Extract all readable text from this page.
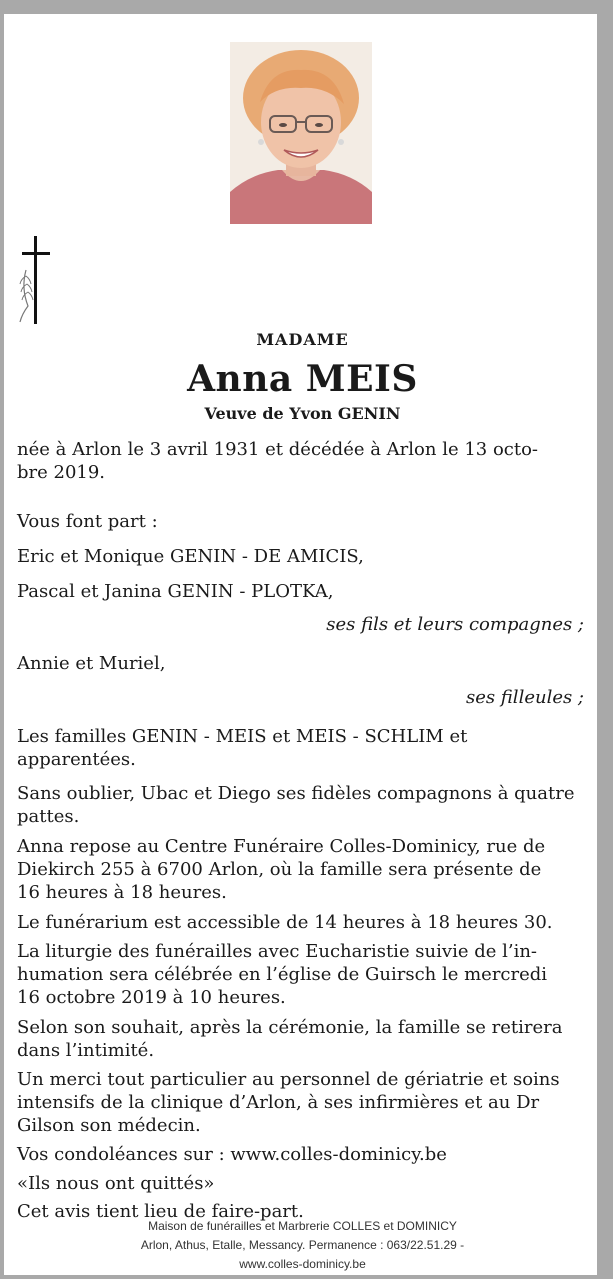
MADAME
Anna MEIS
Veuve de Yvon GENIN

née à Arlon le 3 avril 1931 et décédée à Arlon le 13 octo-
bre 2019.

Vous font part :

Eric et Monique GENIN - DE AMICIS,

Pascal et Janina GENIN - PLOTKA,

ses fils et leurs compagnes ;

Annie et Muriel,

ses filleules ;

Les familles GENIN - MEIS et MEIS - SCHLIM et
apparentées.

Sans oublier, Ubac et Diego ses fidèles compagnons à quatre
pattes.

Anna repose au Centre Funéraire Colles-Dominicy, rue de
Diekirch 255 à 6700 Arlon, où la famille sera présente de
16 heures à 18 heures.

Le funérarium est accessible de 14 heures à 18 heures 30.

La liturgie des funérailles avec Eucharistie suivie de l’in-
humation sera célébrée en l’église de Guirsch le mercredi
16 octobre 2019 à 10 heures.

Selon son souhait, après la cérémonie, la famille se retirera
dans l’intimité.

Un merci tout particulier au personnel de gériatrie et soins
intensifs de la clinique d’Arlon, à ses infirmières et au Dr
Gilson son médecin.

Vos condoléances sur : www.colles-dominicy.be

«Ils nous ont quittés»

Cet avis tient lieu de faire-part.

Maison de funérailles et Marbrerie COLLES et DOMINICY
Arlon, Athus, Etalle, Messancy. Permanence : 063/22.51.29 -
www.colles-dominicy.be
